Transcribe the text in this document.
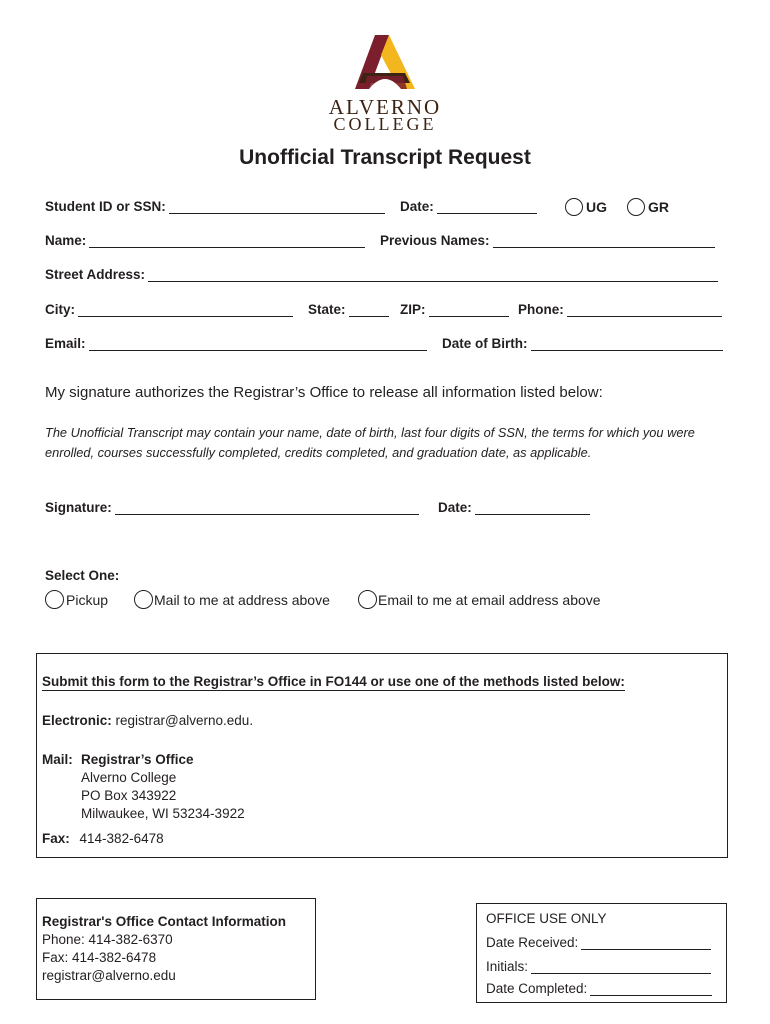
ALVERNO
COLLEGE
Unofficial Transcript Request
Student ID or SSN:	Date:	UG	GR
Name:	Previous Names:
Street Address:
City:	State:	ZIP:	Phone:
Email:	Date of Birth:
My signature authorizes the Registrar’s Office to release all information listed below:
The Unofficial Transcript may contain your name, date of birth, last four digits of SSN, the terms for which you were enrolled, courses successfully completed, credits completed, and graduation date, as applicable.
Signature:	Date:
Select One:
Pickup	Mail to me at address above	Email to me at email address above
Submit this form to the Registrar’s Office in FO144 or use one of the methods listed below:
Electronic: registrar@alverno.edu.
Mail: Registrar’s Office
Alverno College
PO Box 343922
Milwaukee, WI 53234-3922
Fax: 414-382-6478
Registrar's Office Contact Information
Phone: 414-382-6370
Fax: 414-382-6478
registrar@alverno.edu
OFFICE USE ONLY
Date Received:
Initials:
Date Completed:
